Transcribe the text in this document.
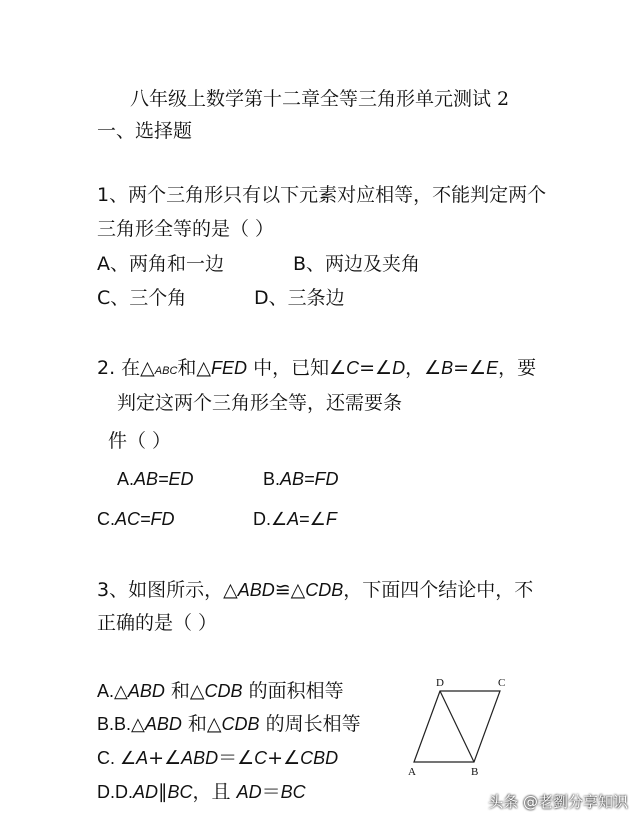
八年级上数学第十二章全等三角形单元测试 2
一、选择题
1、两个三角形只有以下元素对应相等，不能判定两个
三角形全等的是（ ）
A、两角和一边	B、两边及夹角
C、三个角	D、三条边
2. 在△ABC和△FED 中，已知∠C=∠D，∠B=∠E，要
判定这两个三角形全等，还需要条
件（ ）
A.AB=ED	B.AB=FD
C.AC=FD	D.∠A=∠F
3、如图所示，△ABD≌△CDB，下面四个结论中，不
正确的是（ ）
A.△ABD 和△CDB 的面积相等
B.B.△ABD 和△CDB 的周长相等
C. ∠A+∠ABD＝∠C+∠CBD
D.D.AD∥BC，且 AD＝BC
D	C
A	B
头条 @老劉分享知识
